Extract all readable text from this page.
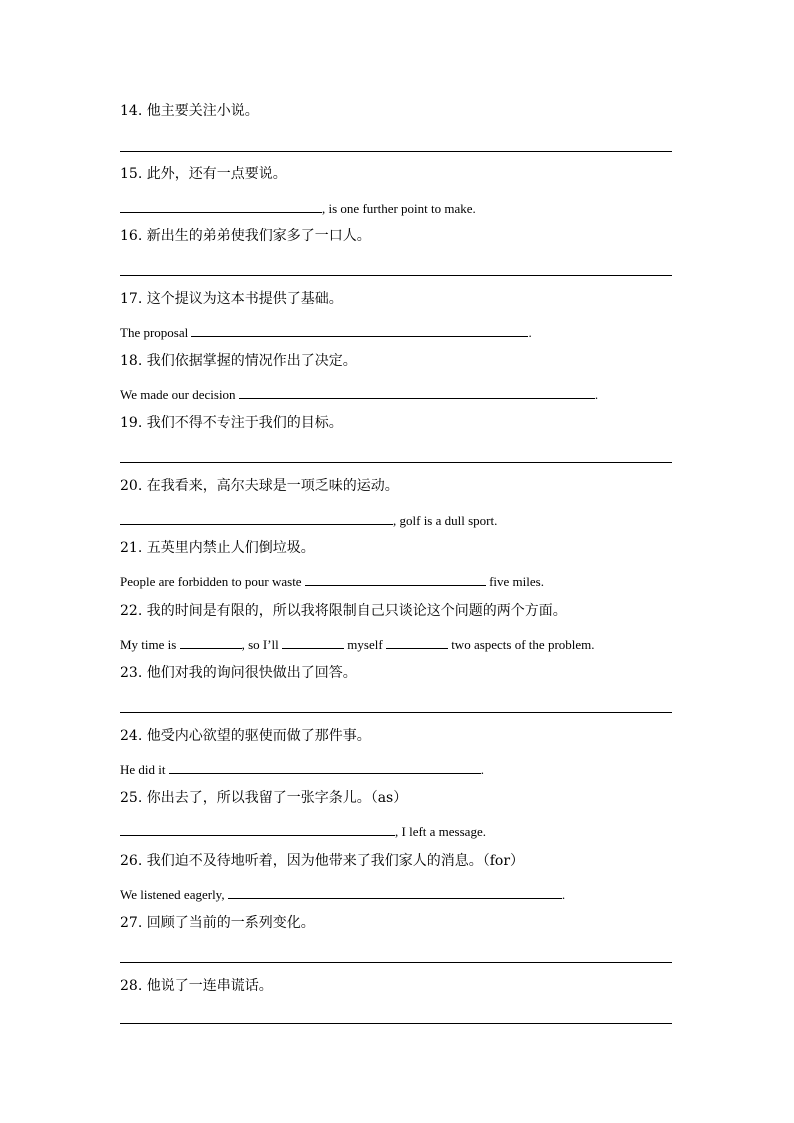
14. 他主要关注小说。
15. 此外，还有一点要说。
, is one further point to make.
16. 新出生的弟弟使我们家多了一口人。
17. 这个提议为这本书提供了基础。
The proposal	.
18. 我们依据掌握的情况作出了决定。
We made our decision	.
19. 我们不得不专注于我们的目标。
20. 在我看来，高尔夫球是一项乏味的运动。
, golf is a dull sport.
21. 五英里内禁止人们倒垃圾。
People are forbidden to pour waste	five miles.
22. 我的时间是有限的，所以我将限制自己只谈论这个问题的两个方面。
My time is	, so I’ll	myself	two aspects of the problem.
23. 他们对我的询问很快做出了回答。
24. 他受内心欲望的驱使而做了那件事。
He did it	.
25. 你出去了，所以我留了一张字条儿。（as）
, I left a message.
26. 我们迫不及待地听着，因为他带来了我们家人的消息。（for）
We listened eagerly,	.
27. 回顾了当前的一系列变化。
28. 他说了一连串谎话。
